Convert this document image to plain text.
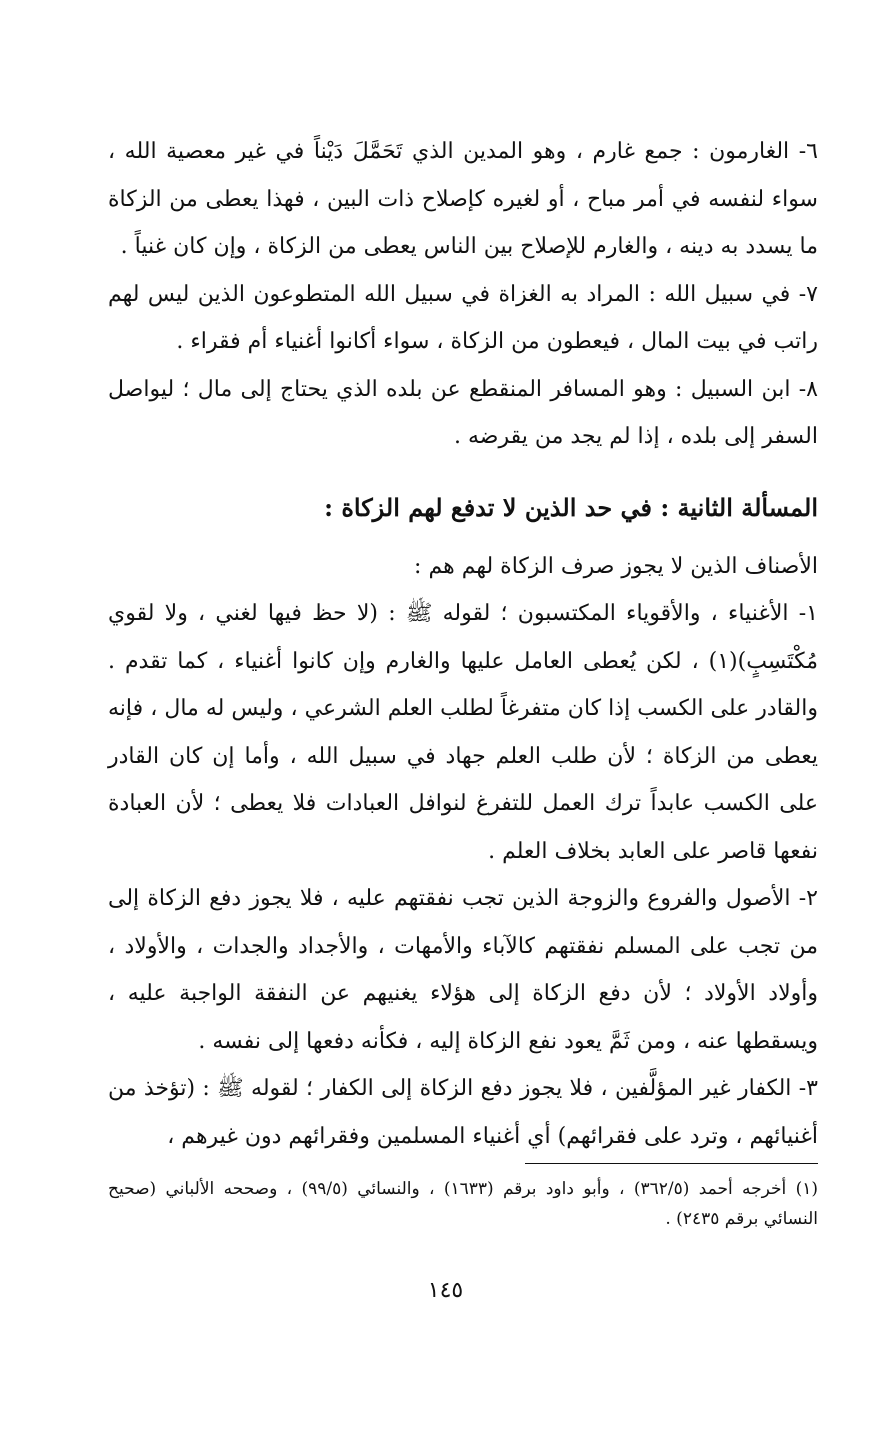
٦- الغارمون : جمع غارم ، وهو المدين الذي تَحَمَّلَ دَيْناً في غير معصية الله ، سواء لنفسه في أمر مباح ، أو لغيره كإصلاح ذات البين ، فهذا يعطى من الزكاة ما يسدد به دينه ، والغارم للإصلاح بين الناس يعطى من الزكاة ، وإن كان غنياً .

٧- في سبيل الله : المراد به الغزاة في سبيل الله المتطوعون الذين ليس لهم راتب في بيت المال ، فيعطون من الزكاة ، سواء أكانوا أغنياء أم فقراء .

٨- ابن السبيل : وهو المسافر المنقطع عن بلده الذي يحتاج إلى مال ؛ ليواصل السفر إلى بلده ، إذا لم يجد من يقرضه .

المسألة الثانية : في حد الذين لا تدفع لهم الزكاة :

الأصناف الذين لا يجوز صرف الزكاة لهم هم :

١- الأغنياء ، والأقوياء المكتسبون ؛ لقوله ﷺ : (لا حظ فيها لغني ، ولا لقوي مُكْتَسِبٍ)(١) ، لكن يُعطى العامل عليها والغارم وإن كانوا أغنياء ، كما تقدم . والقادر على الكسب إذا كان متفرغاً لطلب العلم الشرعي ، وليس له مال ، فإنه يعطى من الزكاة ؛ لأن طلب العلم جهاد في سبيل الله ، وأما إن كان القادر على الكسب عابداً ترك العمل للتفرغ لنوافل العبادات فلا يعطى ؛ لأن العبادة نفعها قاصر على العابد بخلاف العلم .

٢- الأصول والفروع والزوجة الذين تجب نفقتهم عليه ، فلا يجوز دفع الزكاة إلى من تجب على المسلم نفقتهم كالآباء والأمهات ، والأجداد والجدات ، والأولاد ، وأولاد الأولاد ؛ لأن دفع الزكاة إلى هؤلاء يغنيهم عن النفقة الواجبة عليه ، ويسقطها عنه ، ومن ثَمَّ يعود نفع الزكاة إليه ، فكأنه دفعها إلى نفسه .

٣- الكفار غير المؤلَّفين ، فلا يجوز دفع الزكاة إلى الكفار ؛ لقوله ﷺ : (تؤخذ من أغنيائهم ، وترد على فقرائهم) أي أغنياء المسلمين وفقرائهم دون غيرهم ،

(١) أخرجه أحمد (٣٦٢/٥) ، وأبو داود برقم (١٦٣٣) ، والنسائي (٩٩/٥) ، وصححه الألباني (صحيح النسائي برقم ٢٤٣٥) .
١٤٥
